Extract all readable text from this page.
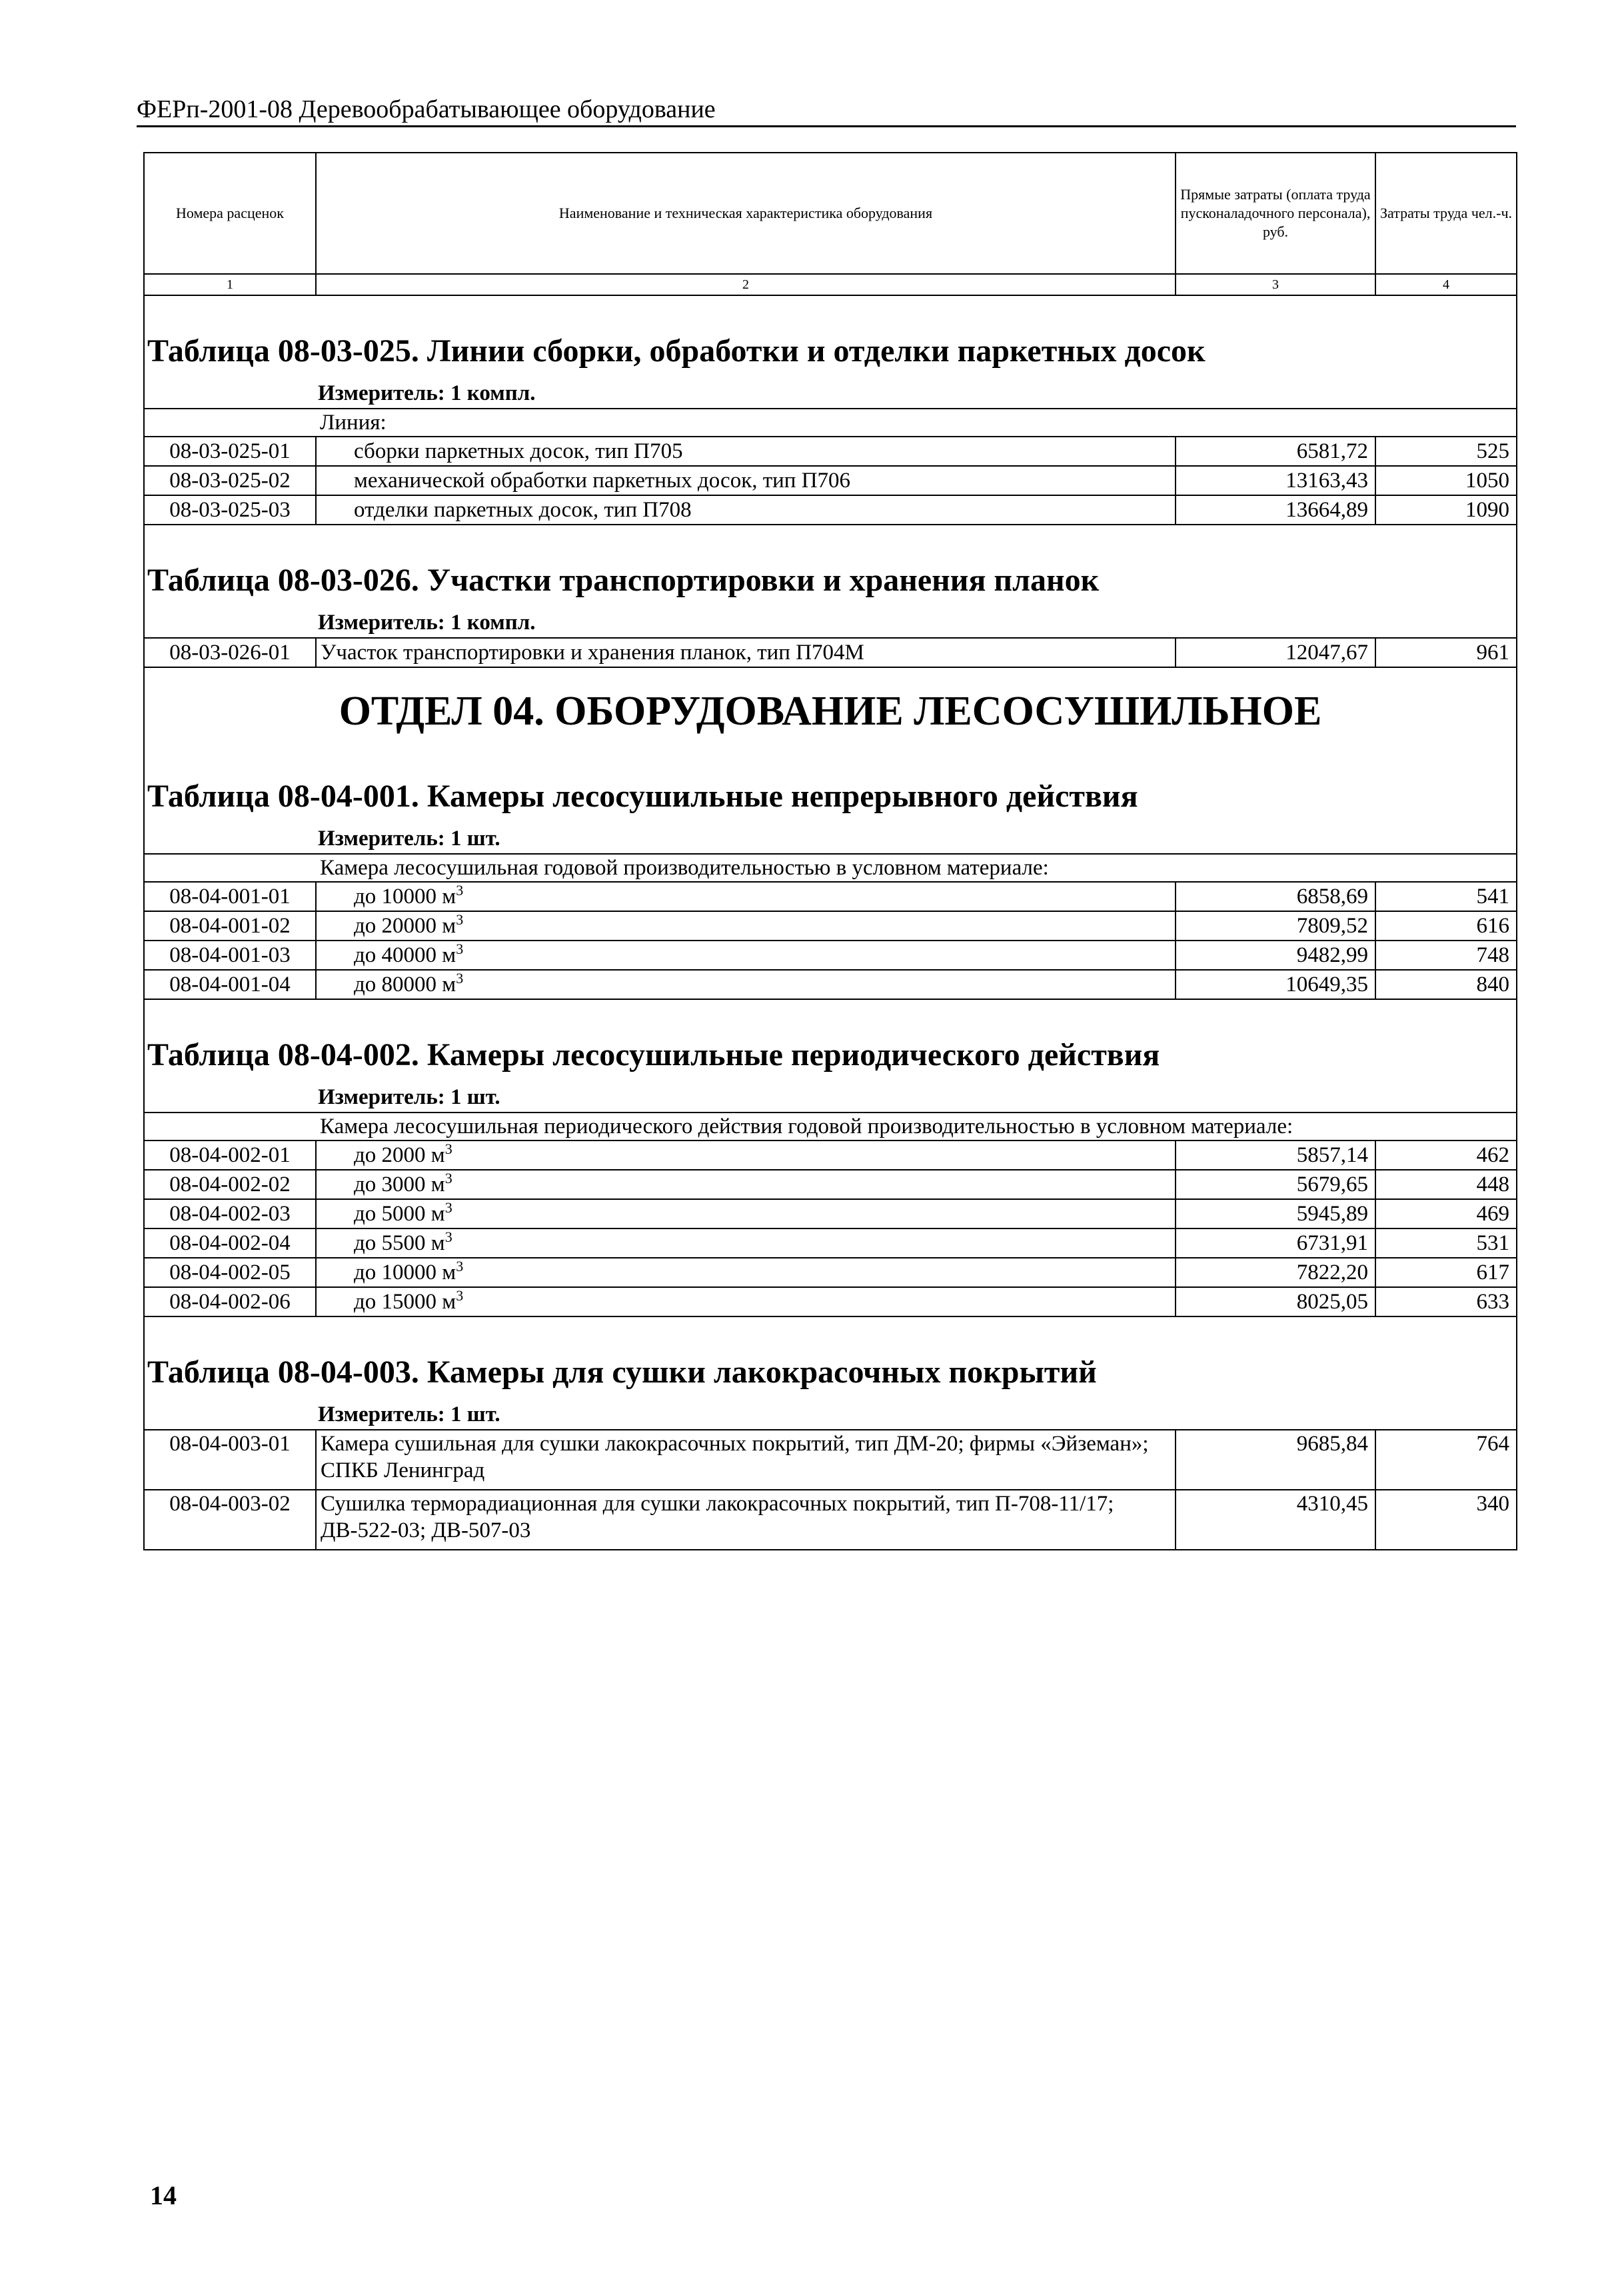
ФЕРп-2001-08 Деревообрабатывающее оборудование
Номера расценок	Наименование и техническая характеристика оборудования	Прямые затраты (оплата труда пусконаладочного персонала), руб.	Затраты труда чел.-ч.
1	2	3	4
Таблица 08-03-025. Линии сборки, обработки и отделки паркетных досок			
Измеритель: 1 компл.			
	Линия:		
08-03-025-01	сборки паркетных досок, тип П705	6581,72	525
08-03-025-02	механической обработки паркетных досок, тип П706	13163,43	1050
08-03-025-03	отделки паркетных досок, тип П708	13664,89	1090
Таблица 08-03-026. Участки транспортировки и хранения планок			
Измеритель: 1 компл.			
08-03-026-01	Участок транспортировки и хранения планок, тип П704М	12047,67	961
ОТДЕЛ 04. ОБОРУДОВАНИЕ ЛЕСОСУШИЛЬНОЕ			
Таблица 08-04-001. Камеры лесосушильные непрерывного действия			
Измеритель: 1 шт.			
	Камера лесосушильная годовой производительностью в условном материале:		
08-04-001-01	до 10000 $м^3$	6858,69	541
08-04-001-02	до 20000 $м^3$	7809,52	616
08-04-001-03	до 40000 $м^3$	9482,99	748
08-04-001-04	до 80000 $м^3$	10649,35	840
Таблица 08-04-002. Камеры лесосушильные периодического действия			
Измеритель: 1 шт.			
	Камера лесосушильная периодического действия годовой производительностью в условном материале:		
08-04-002-01	до 2000 $м^3$	5857,14	462
08-04-002-02	до 3000 $м^3$	5679,65	448
08-04-002-03	до 5000 $м^3$	5945,89	469
08-04-002-04	до 5500 $м^3$	6731,91	531
08-04-002-05	до 10000 $м^3$	7822,20	617
08-04-002-06	до 15000 $м^3$	8025,05	633
Таблица 08-04-003. Камеры для сушки лакокрасочных покрытий			
Измеритель: 1 шт.			
08-04-003-01	Камера сушильная для сушки лакокрасочных покрытий, тип ДМ-20; фирмы «Эйземан»; СПКБ Ленинград	9685,84	764
08-04-003-02	Сушилка терморадиационная для сушки лакокрасочных покрытий, тип П-708-11/17; ДВ-522-03; ДВ-507-03	4310,45	340
14
